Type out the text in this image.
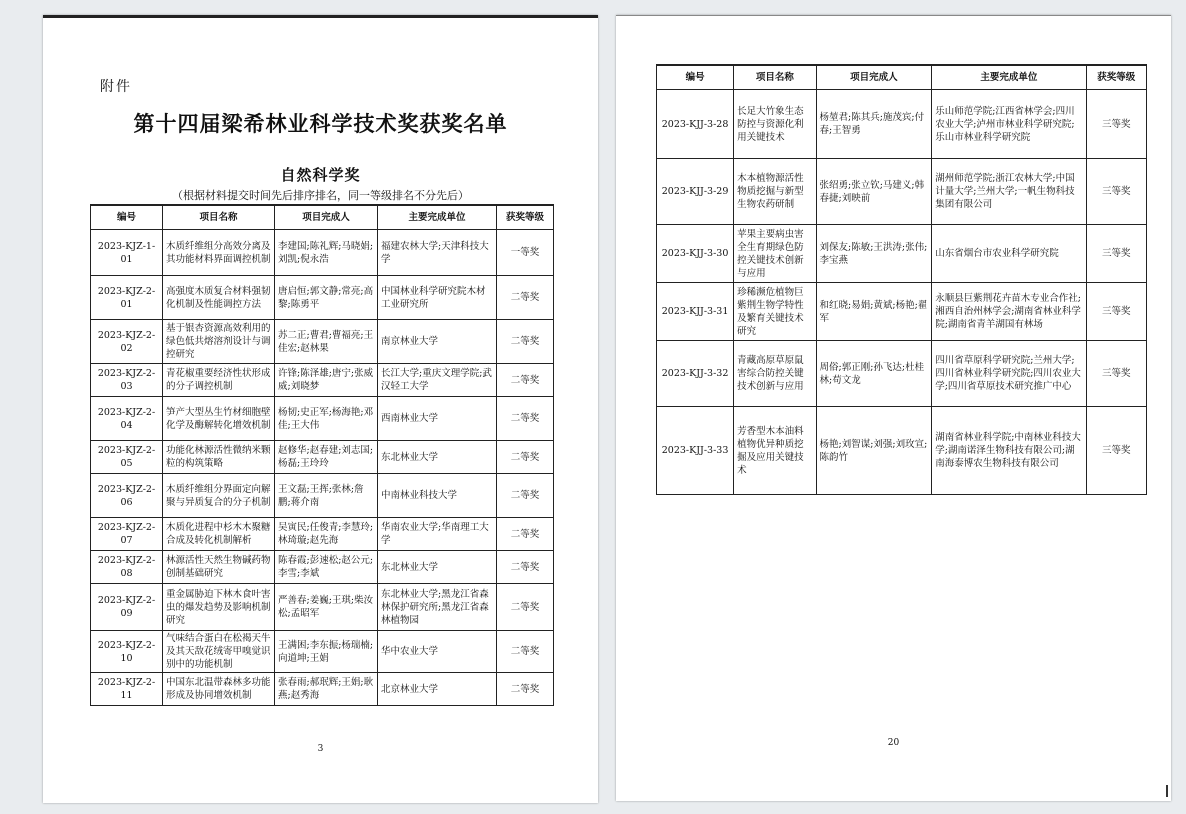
附件
第十四届梁希林业科学技术奖获奖名单
自然科学奖
（根据材料提交时间先后排序排名，同一等级排名不分先后）
编号	项目名称	项目完成人	主要完成单位	获奖等级
2023-KJZ-1-01	木质纤维组分高效分离及其功能材料界面调控机制	李建国;陈礼辉;马晓娟;刘凯;倪永浩	福建农林大学;天津科技大学	一等奖
2023-KJZ-2-01	高强度木质复合材料强韧化机制及性能调控方法	唐启恒;郭文静;常亮;高黎;陈勇平	中国林业科学研究院木材工业研究所	二等奖
2023-KJZ-2-02	基于银杏资源高效利用的绿色低共熔溶剂设计与调控研究	苏二正;曹君;曹福亮;王佳宏;赵林果	南京林业大学	二等奖
2023-KJZ-2-03	青花椒重要经济性状形成的分子调控机制	许锋;陈泽雄;唐宁;张威威;刘晓梦	长江大学;重庆文理学院;武汉轻工大学	二等奖
2023-KJZ-2-04	笋产大型丛生竹材细胞壁化学及酶解转化增效机制	杨韧;史正军;杨海艳;邓佳;王大伟	西南林业大学	二等奖
2023-KJZ-2-05	功能化林源活性微纳米颗粒的构筑策略	赵修华;赵春建;刘志国;杨磊;王玲玲	东北林业大学	二等奖
2023-KJZ-2-06	木质纤维组分界面定向解聚与异质复合的分子机制	王文磊;王挥;张林;詹鹏;蒋介南	中南林业科技大学	二等奖
2023-KJZ-2-07	木质化进程中杉木木聚糖合成及转化机制解析	吴寅民;任俊青;李慧玲;林琦璇;赵先海	华南农业大学;华南理工大学	二等奖
2023-KJZ-2-08	林源活性天然生物碱药物创制基础研究	陈春霞;彭速松;赵公元;李雪;李斌	东北林业大学	二等奖
2023-KJZ-2-09	重金属胁迫下林木食叶害虫的爆发趋势及影响机制研究	严善春;姜巍;王琪;柴汝松;孟昭军	东北林业大学;黑龙江省森林保护研究所;黑龙江省森林植物园	二等奖
2023-KJZ-2-10	气味结合蛋白在松褐天牛及其天敌花绒寄甲嗅觉识别中的功能机制	王满困;李东振;杨瑞楠;向道坤;王娟	华中农业大学	二等奖
2023-KJZ-2-11	中国东北温带森林多功能形成及协同增效机制	张春雨;郝珉辉;王娟;耿燕;赵秀海	北京林业大学	二等奖
3
编号	项目名称	项目完成人	主要完成单位	获奖等级
2023-KJJ-3-28	长足大竹象生态防控与资源化利用关键技术	杨堃君;陈其兵;施茂宾;付春;王智勇	乐山师范学院;江西省林学会;四川农业大学;泸州市林业科学研究院;乐山市林业科学研究院	三等奖
2023-KJJ-3-29	木本植物源活性物质挖掘与新型生物农药研制	张绍勇;张立钦;马建义;韩春捷;刘映前	湖州师范学院;浙江农林大学;中国计量大学;兰州大学;一帆生物科技集团有限公司	三等奖
2023-KJJ-3-30	苹果主要病虫害全生育期绿色防控关键技术创新与应用	刘保友;陈敏;王洪涛;张伟;李宝燕	山东省烟台市农业科学研究院	三等奖
2023-KJJ-3-31	珍稀濒危植物巨紫荆生物学特性及繁育关键技术研究	和红晓;易娟;黄斌;杨艳;翟军	永顺县巨紫荆花卉苗木专业合作社;湘西自治州林学会;湖南省林业科学院;湖南省青羊湖国有林场	三等奖
2023-KJJ-3-32	青藏高原草原鼠害综合防控关键技术创新与应用	周俗;郭正刚;孙飞达;杜桂林;苟文龙	四川省草原科学研究院;兰州大学;四川省林业科学研究院;四川农业大学;四川省草原技术研究推广中心	三等奖
2023-KJJ-3-33	芳香型木本油料植物优异种质挖掘及应用关键技术	杨艳;刘智谋;刘强;刘玫宣;陈韵竹	湖南省林业科学院;中南林业科技大学;湖南诺泽生物科技有限公司;湖南海泰博农生物科技有限公司	三等奖
20
